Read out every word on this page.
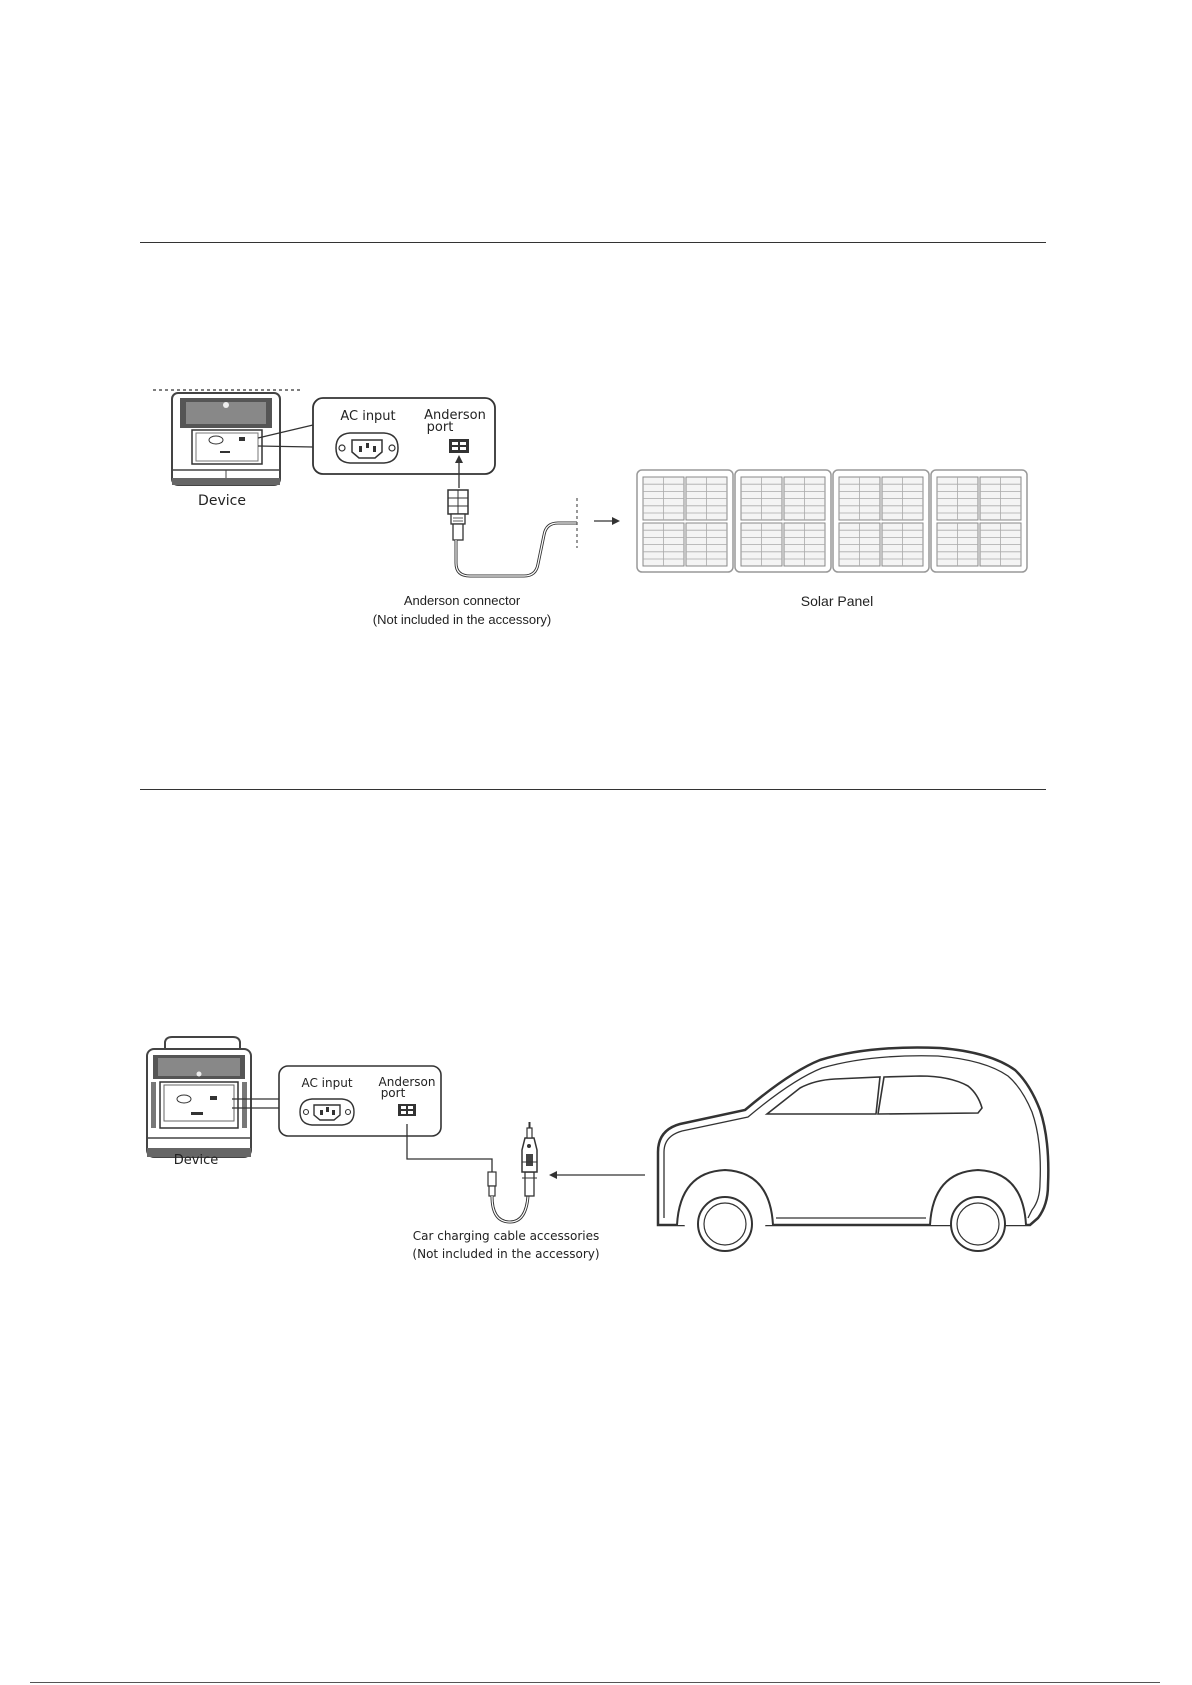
Device
AC input Anderson
port
Anderson connector
(Not included in the accessory)
Solar Panel
Device
AC input Anderson
port
Car charging cable accessories
(Not included in the accessory)
